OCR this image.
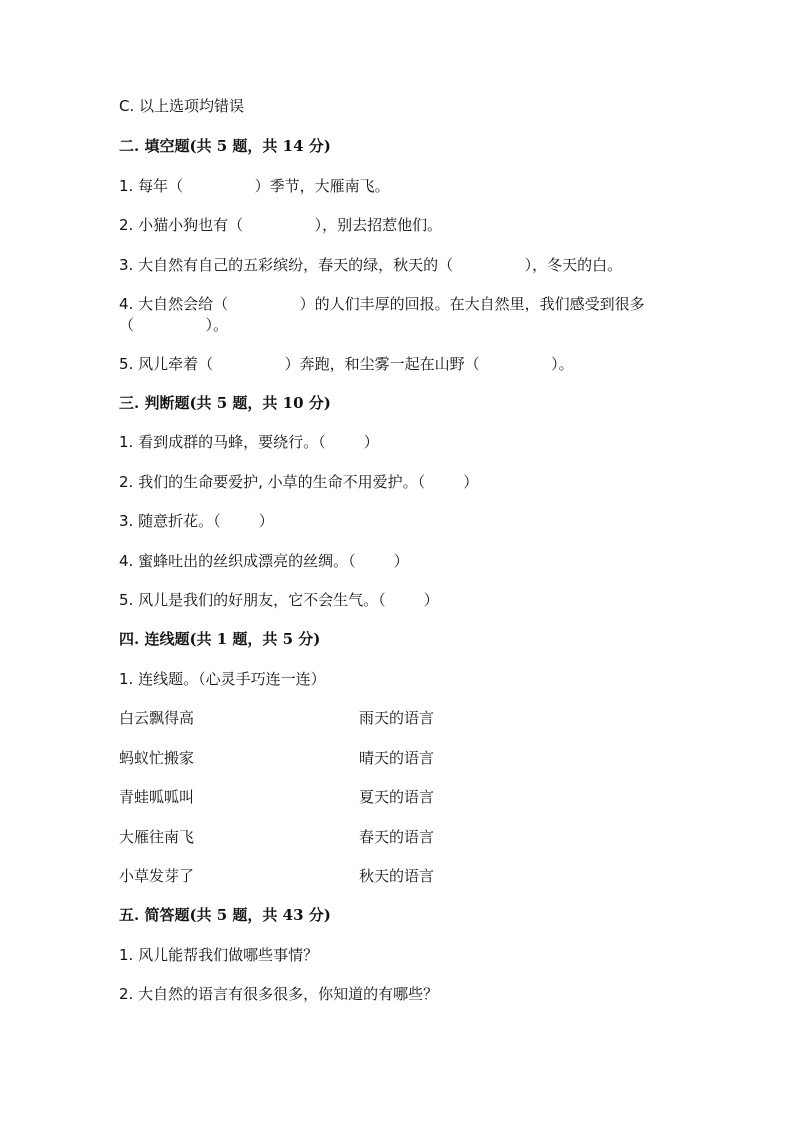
C. 以上选项均错误
二. 填空题(共 5 题，共 14 分)
1. 每年（               ）季节，大雁南飞。
2. 小猫小狗也有（               ），别去招惹他们。
3. 大自然有自己的五彩缤纷，春天的绿，秋天的（               ），冬天的白。
4. 大自然会给（               ）的人们丰厚的回报。在大自然里，我们感受到很多
（               ）。
5. 风儿牵着（               ）奔跑，和尘雾一起在山野（               ）。
三. 判断题(共 5 题，共 10 分)
1. 看到成群的马蜂，要绕行。（        ）
2. 我们的生命要爱护, 小草的生命不用爱护。（        ）
3. 随意折花。（        ）
4. 蜜蜂吐出的丝织成漂亮的丝绸。（        ）
5. 风儿是我们的好朋友，它不会生气。（        ）
四. 连线题(共 1 题，共 5 分)
1. 连线题。（心灵手巧连一连）
白云飘得高	雨天的语言
蚂蚁忙搬家	晴天的语言
青蛙呱呱叫	夏天的语言
大雁往南飞	春天的语言
小草发芽了	秋天的语言
五. 简答题(共 5 题，共 43 分)
1. 风儿能帮我们做哪些事情？
2. 大自然的语言有很多很多，你知道的有哪些？
